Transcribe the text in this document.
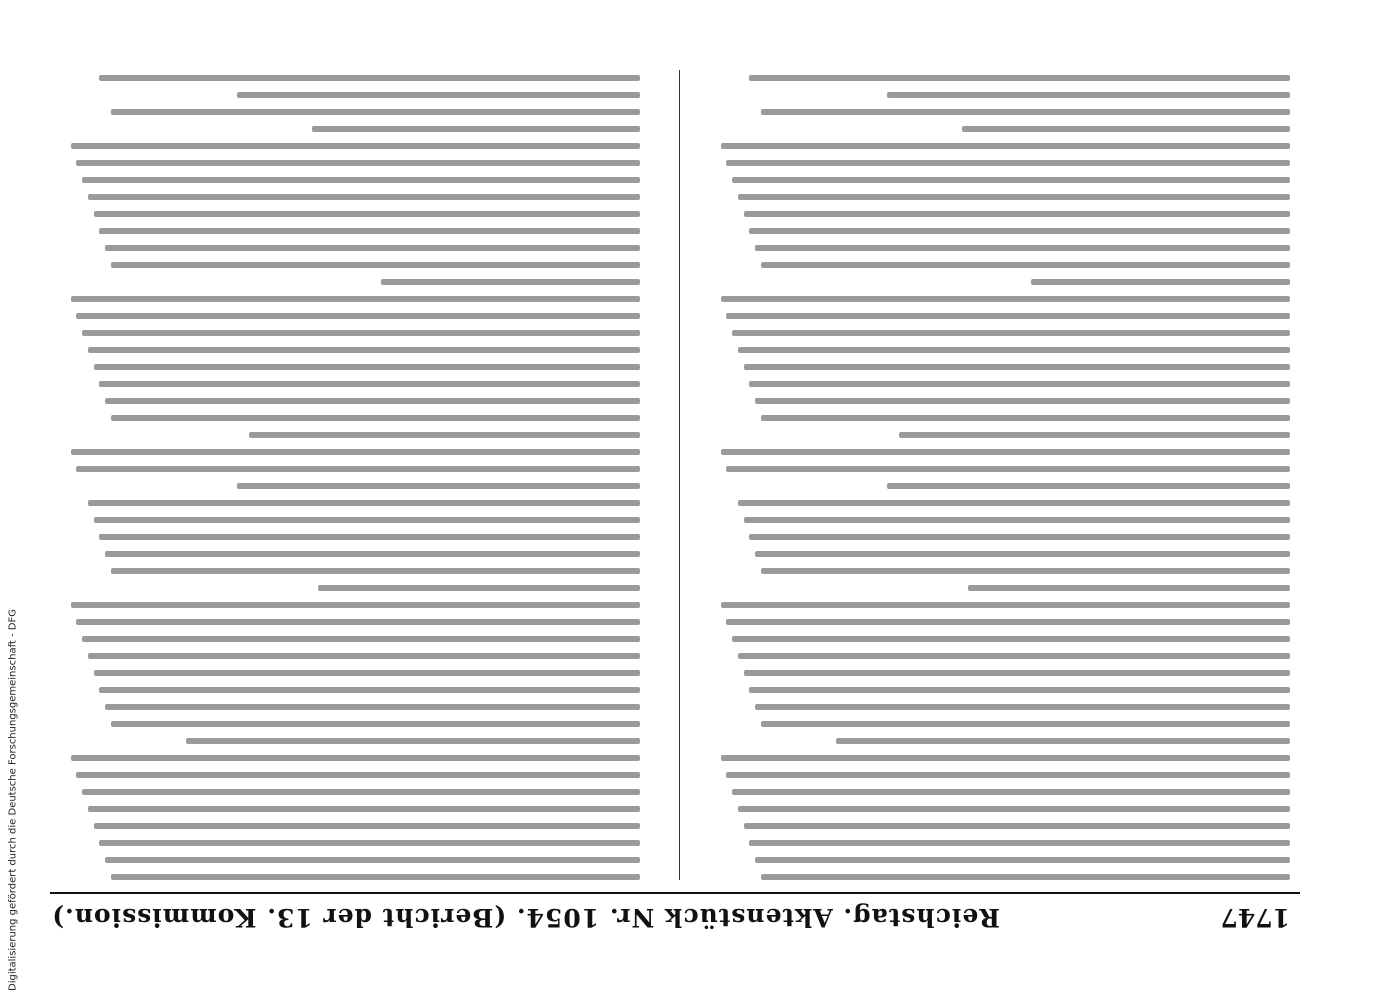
1747
Reichstag. Aktenstück Nr. 1054. (Bericht der 13. Kommission.)
Digitalisierung gefördert durch die Deutsche Forschungsgemeinschaft - DFG
